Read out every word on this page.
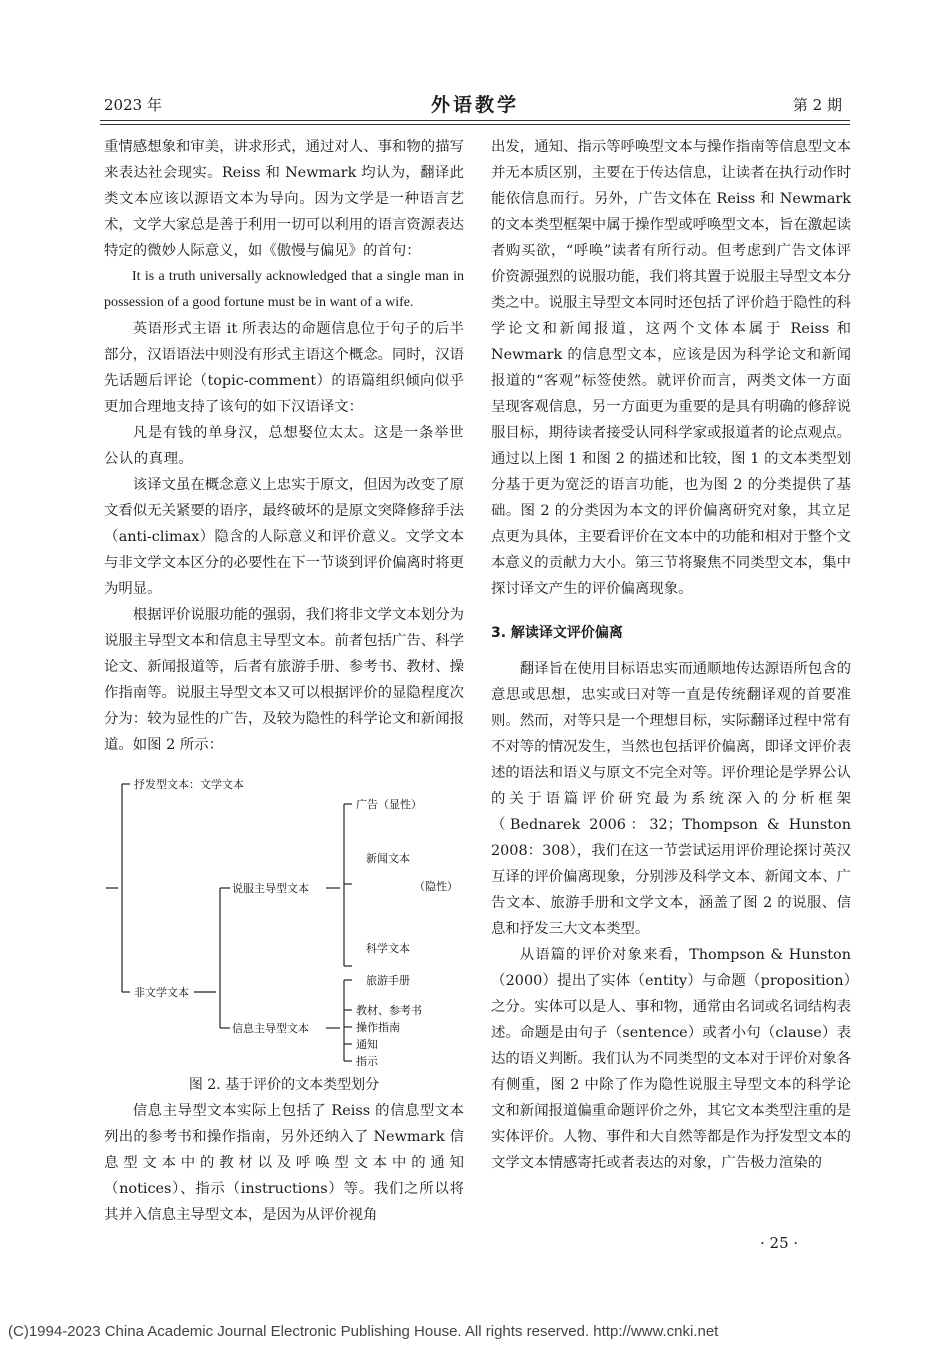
2023 年	外语教学	第 2 期

重情感想象和审美，讲求形式，通过对人、事和物的描写来表达社会现实。Reiss 和 Newmark 均认为，翻译此类文本应该以源语文本为导向。因为文学是一种语言艺术，文学大家总是善于利用一切可以利用的语言资源表达特定的微妙人际意义，如《傲慢与偏见》的首句：

It is a truth universally acknowledged that a single man in possession of a good fortune must be in want of a wife.

英语形式主语 it 所表达的命题信息位于句子的后半部分，汉语语法中则没有形式主语这个概念。同时，汉语先话题后评论（topic-comment）的语篇组织倾向似乎更加合理地支持了该句的如下汉语译文：

凡是有钱的单身汉，总想娶位太太。这是一条举世公认的真理。

该译文虽在概念意义上忠实于原文，但因为改变了原文看似无关紧要的语序，最终破坏的是原文突降修辞手法（anti-climax）隐含的人际意义和评价意义。文学文本与非文学文本区分的必要性在下一节谈到评价偏离时将更为明显。

根据评价说服功能的强弱，我们将非文学文本划分为说服主导型文本和信息主导型文本。前者包括广告、科学论文、新闻报道等，后者有旅游手册、参考书、教材、操作指南等。说服主导型文本又可以根据评价的显隐程度次分为：较为显性的广告，及较为隐性的科学论文和新闻报道。如图 2 所示：

抒发型文本：文学文本
非文学文本
说服主导型文本
信息主导型文本
广告（显性）
新闻文本
（隐性）
科学文本
旅游手册
教材、参考书
操作指南
通知
指示
图 2. 基于评价的文本类型划分

信息主导型文本实际上包括了 Reiss 的信息型文本列出的参考书和操作指南，另外还纳入了 Newmark 信息型文本中的教材以及呼唤型文本中的通知（notices）、指示（instructions）等。我们之所以将其并入信息主导型文本，是因为从评价视角

出发，通知、指示等呼唤型文本与操作指南等信息型文本并无本质区别，主要在于传达信息，让读者在执行动作时能依信息而行。另外，广告文体在 Reiss 和 Newmark 的文本类型框架中属于操作型或呼唤型文本，旨在激起读者购买欲，“呼唤”读者有所行动。但考虑到广告文体评价资源强烈的说服功能，我们将其置于说服主导型文本分类之中。说服主导型文本同时还包括了评价趋于隐性的科学论文和新闻报道，这两个文体本属于 Reiss 和 Newmark 的信息型文本，应该是因为科学论文和新闻报道的“客观”标签使然。就评价而言，两类文体一方面呈现客观信息，另一方面更为重要的是具有明确的修辞说服目标，期待读者接受认同科学家或报道者的论点观点。通过以上图 1 和图 2 的描述和比较，图 1 的文本类型划分基于更为宽泛的语言功能，也为图 2 的分类提供了基础。图 2 的分类因为本文的评价偏离研究对象，其立足点更为具体，主要看评价在文本中的功能和相对于整个文本意义的贡献力大小。第三节将聚焦不同类型文本，集中探讨译文产生的评价偏离现象。

3. 解读译文评价偏离

翻译旨在使用目标语忠实而通顺地传达源语所包含的意思或思想，忠实或曰对等一直是传统翻译观的首要准则。然而，对等只是一个理想目标，实际翻译过程中常有不对等的情况发生，当然也包括评价偏离，即译文评价表述的语法和语义与原文不完全对等。评价理论是学界公认的关于语篇评价研究最为系统深入的分析框架（Bednarek 2006：32；Thompson & Hunston 2008：308），我们在这一节尝试运用评价理论探讨英汉互译的评价偏离现象，分别涉及科学文本、新闻文本、广告文本、旅游手册和文学文本，涵盖了图 2 的说服、信息和抒发三大文本类型。

从语篇的评价对象来看，Thompson & Hunston（2000）提出了实体（entity）与命题（proposition）之分。实体可以是人、事和物，通常由名词或名词结构表述。命题是由句子（sentence）或者小句（clause）表达的语义判断。我们认为不同类型的文本对于评价对象各有侧重，图 2 中除了作为隐性说服主导型文本的科学论文和新闻报道偏重命题评价之外，其它文本类型注重的是实体评价。人物、事件和大自然等都是作为抒发型文本的文学文本情感寄托或者表达的对象，广告极力渲染的

· 25 ·
(C)1994-2023 China Academic Journal Electronic Publishing House. All rights reserved. http://www.cnki.net
